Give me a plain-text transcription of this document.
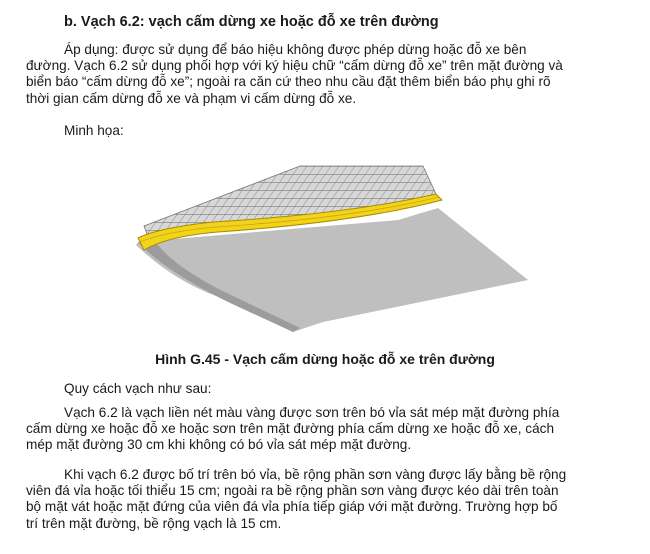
b. Vạch 6.2: vạch cấm dừng xe hoặc đỗ xe trên đường

Áp dụng: được sử dụng để báo hiệu không được phép dừng hoặc đỗ xe bên
đường. Vạch 6.2 sử dụng phối hợp với ký hiệu chữ “cấm dừng đỗ xe” trên mặt đường và
biển báo “cấm dừng đỗ xe”; ngoài ra căn cứ theo nhu cầu đặt thêm biển báo phụ ghi rõ
thời gian cấm dừng đỗ xe và phạm vi cấm dừng đỗ xe.

Minh họa:
Hình G.45 - Vạch cấm dừng hoặc đỗ xe trên đường
Quy cách vạch như sau:

Vạch 6.2 là vạch liền nét màu vàng được sơn trên bó vỉa sát mép mặt đường phía
cấm dừng xe hoặc đỗ xe hoặc sơn trên mặt đường phía cấm dừng xe hoặc đỗ xe, cách
mép mặt đường 30 cm khi không có bó vỉa sát mép mặt đường.

Khi vạch 6.2 được bố trí trên bó vỉa, bề rộng phần sơn vàng được lấy bằng bề rộng
viên đá vỉa hoặc tối thiểu 15 cm; ngoài ra bề rộng phần sơn vàng được kéo dài trên toàn
bộ mặt vát hoặc mặt đứng của viên đá vỉa phía tiếp giáp với mặt đường. Trường hợp bố
trí trên mặt đường, bề rộng vạch là 15 cm.
